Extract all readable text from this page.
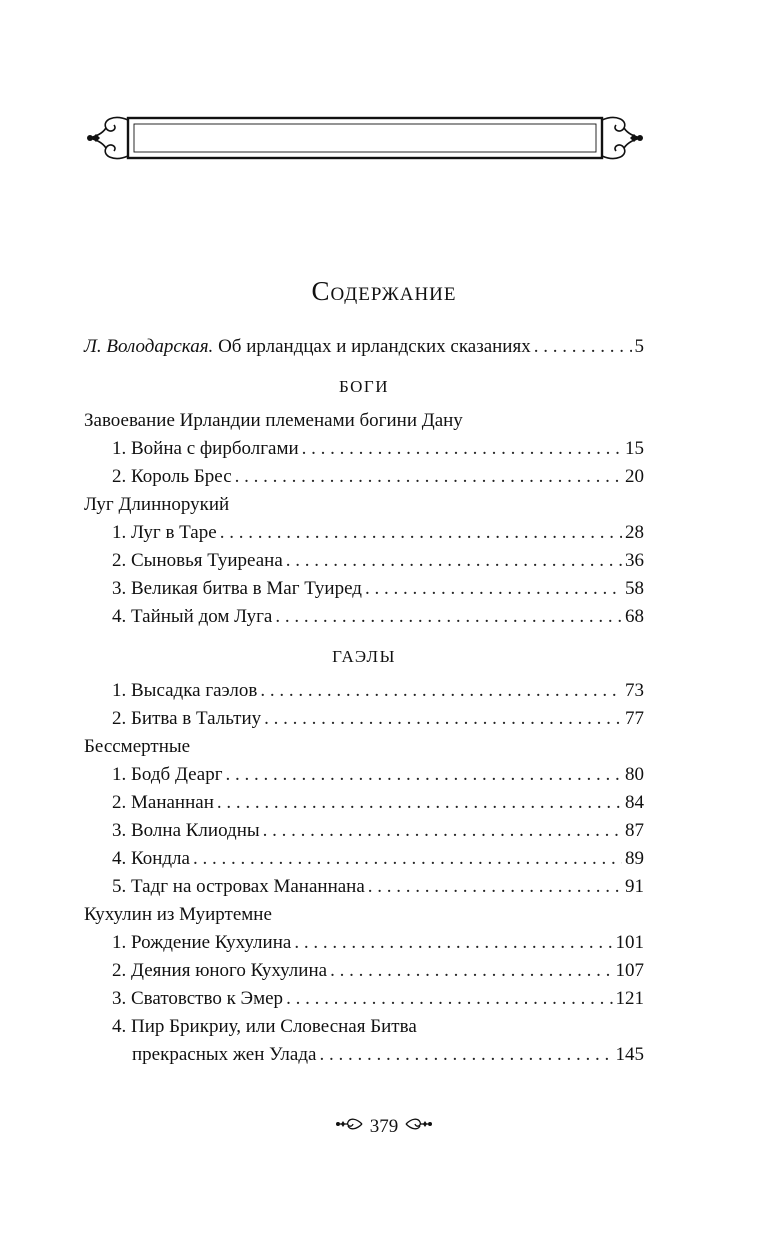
Содержание
Л. Володарская. Об ирландцах и ирландских сказаниях . . .	5
БОГИ
Завоевание Ирландии племенами богини Дану
1. Война с фирболгами . . .	15
2. Король Брес . . .	20
Луг Длиннорукий
1. Луг в Таре . . .	28
2. Сыновья Туиреана . . .	36
3. Великая битва в Маг Туиред . . .	58
4. Тайный дом Луга . . .	68
ГАЭЛЫ
1. Высадка гаэлов . . .	73
2. Битва в Тальтиу . . .	77
Бессмертные
1. Бодб Деарг . . .	80
2. Мананнан . . .	84
3. Волна Клиодны . . .	87
4. Кондла . . .	89
5. Тадг на островах Мананнана . . .	91
Кухулин из Муиртемне
1. Рождение Кухулина . . .	101
2. Деяния юного Кухулина . . .	107
3. Сватовство к Эмер . . .	121
4. Пир Брикриу, или Словесная Битва
прекрасных жен Улада . . .	145
379
